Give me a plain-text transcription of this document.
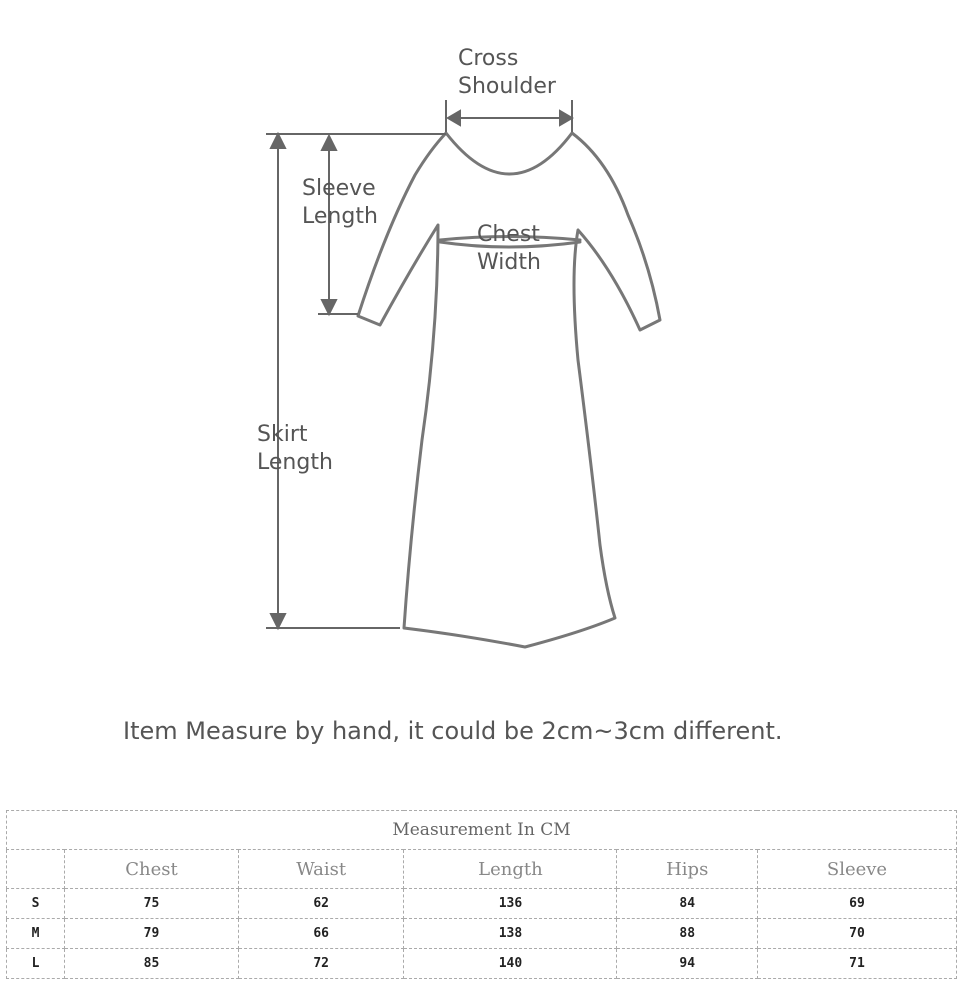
Cross
Shoulder
Sleeve
Length
Chest
Width
Skirt
Length
Item Measure by hand, it could be 2cm~3cm different.
Measurement In CM					
	Chest	Waist	Length	Hips	Sleeve
S	75	62	136	84	69
M	79	66	138	88	70
L	85	72	140	94	71
